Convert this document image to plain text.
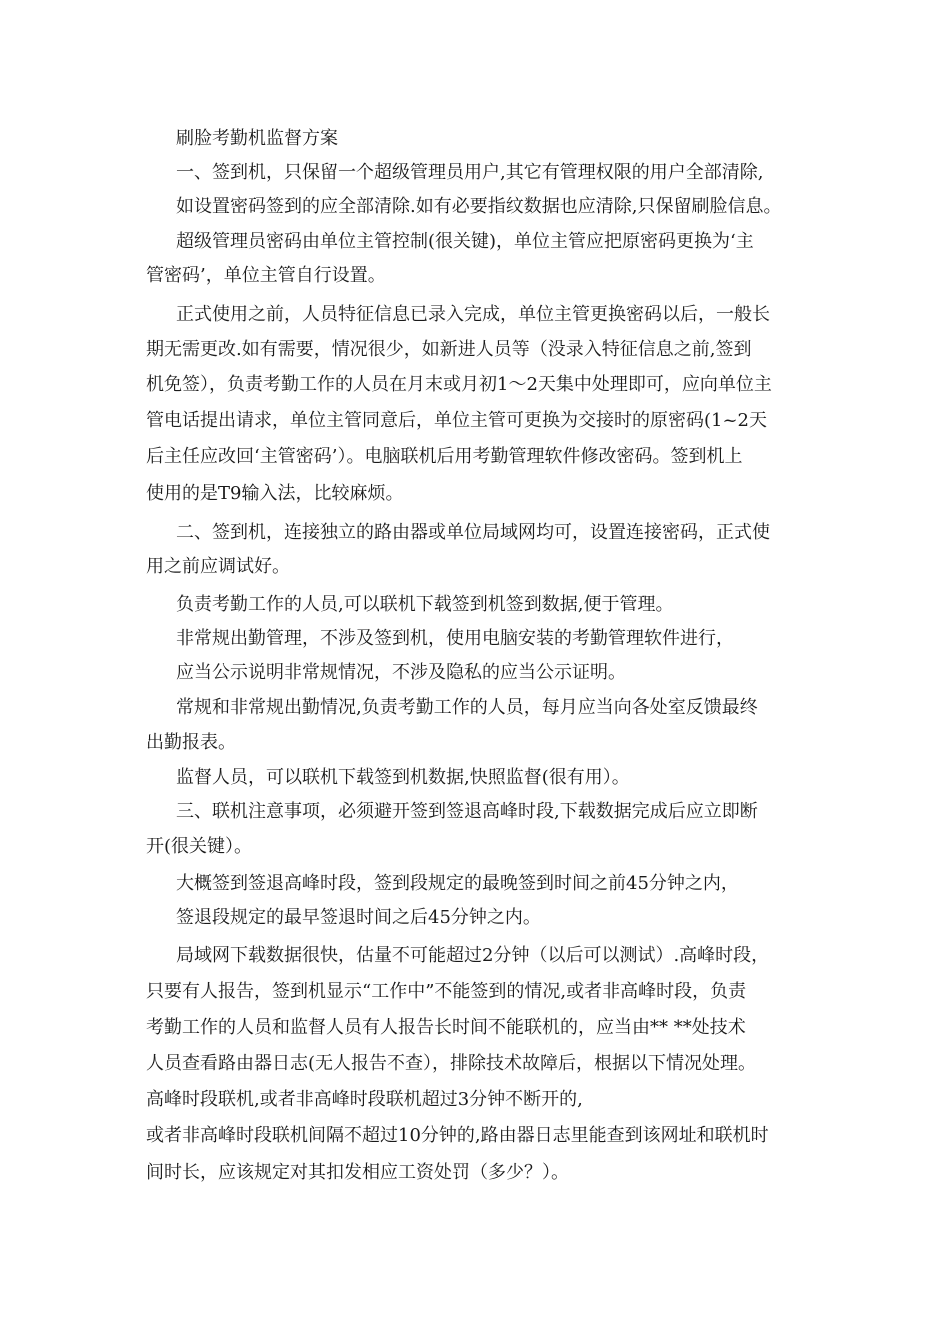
刷脸考勤机监督方案
一、签到机，只保留一个超级管理员用户,其它有管理权限的用户全部清除,
如设置密码签到的应全部清除.如有必要指纹数据也应清除,只保留刷脸信息。
超级管理员密码由单位主管控制(很关键)，单位主管应把原密码更换为‘主
管密码’，单位主管自行设置。
正式使用之前，人员特征信息已录入完成，单位主管更换密码以后，一般长
期无需更改.如有需要，情况很少，如新进人员等（没录入特征信息之前,签到
机免签），负责考勤工作的人员在月末或月初1～2天集中处理即可，应向单位主
管电话提出请求，单位主管同意后，单位主管可更换为交接时的原密码(1~2天
后主任应改回‘主管密码’）。电脑联机后用考勤管理软件修改密码。签到机上
使用的是T9输入法，比较麻烦。
二、签到机，连接独立的路由器或单位局域网均可，设置连接密码，正式使
用之前应调试好。
负责考勤工作的人员,可以联机下载签到机签到数据,便于管理。
非常规出勤管理，不涉及签到机，使用电脑安装的考勤管理软件进行，
应当公示说明非常规情况，不涉及隐私的应当公示证明。
常规和非常规出勤情况,负责考勤工作的人员，每月应当向各处室反馈最终
出勤报表。
监督人员，可以联机下载签到机数据,快照监督(很有用）。
三、联机注意事项，必须避开签到签退高峰时段,下载数据完成后应立即断
开(很关键）。
大概签到签退高峰时段，签到段规定的最晚签到时间之前45分钟之内，
签退段规定的最早签退时间之后45分钟之内。
局域网下载数据很快，估量不可能超过2分钟（以后可以测试）.高峰时段，
只要有人报告，签到机显示“工作中”不能签到的情况,或者非高峰时段，负责
考勤工作的人员和监督人员有人报告长时间不能联机的，应当由** **处技术
人员查看路由器日志(无人报告不查），排除技术故障后，根据以下情况处理。
高峰时段联机,或者非高峰时段联机超过3分钟不断开的,
或者非高峰时段联机间隔不超过10分钟的,路由器日志里能查到该网址和联机时
间时长，应该规定对其扣发相应工资处罚（多少？）。
